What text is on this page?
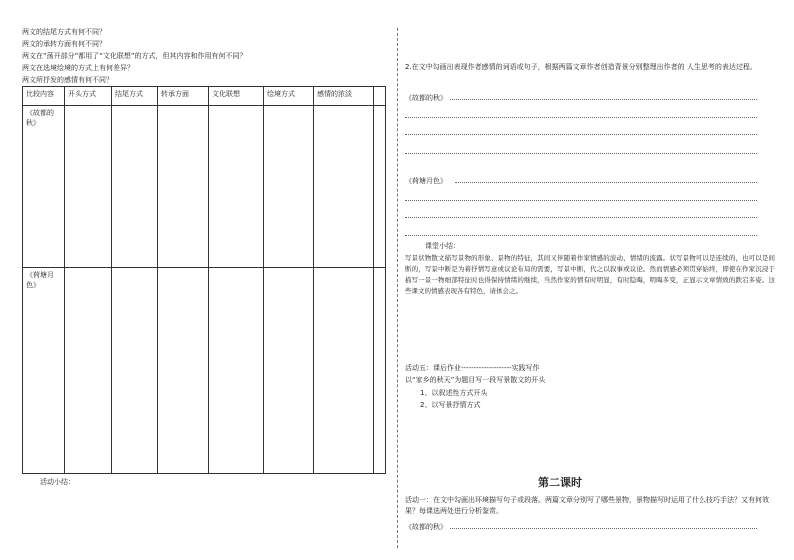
两文的结尾方式有何不同？
两文的承转方面有何不同？
两文在“荡开部分”都用了“文化联想”的方式，但其内容和作用有何不同？
两文在选境绘境的方式上有何差异？
两文所抒发的感情有何不同？
比较内容	开头方式	结尾方式	转承方面	文化联想	绘境方式	感情的浓淡	
《故都的秋》							
《荷塘月色》							
活动小结：
2.在文中勾画出表现作者感情的词语或句子，根据两篇文章作者创造背景分别整理出作者的 人生思考的表达过程。
《故都的秋》
《荷塘月色》
课堂小结：
写景状物散文描写景物的形象、景物的特征，其间又伴随着作家情感的波动、情绪的流露。状写景物可以是连续的，也可以是间断的，写景中断是为着抒情写意或议论布局的需要，写景中断，代之以叙事或议论。然而情感必须贯穿始终，即使在作家沉浸于描写一景一物细部特征时也得保持情绪的继续，当然作家的情有时明显，有时隐晦，明晦多变，正显示文章情致的跌宕多姿。这些课文的情感表现各有特色，请体会之。
活动五：课后作业--------------------实践写作
以“家乡的秋天”为题目写一段写景散文的开头
1、以叙述性方式开头
2、以写景抒情方式
第二课时
活动一：在文中勾画出环境描写句子或段落。两篇文章分别写了哪些景物，景物描写时运用了什么技巧手法？又有何效果？每课选两处进行分析鉴赏。
《故都的秋》
